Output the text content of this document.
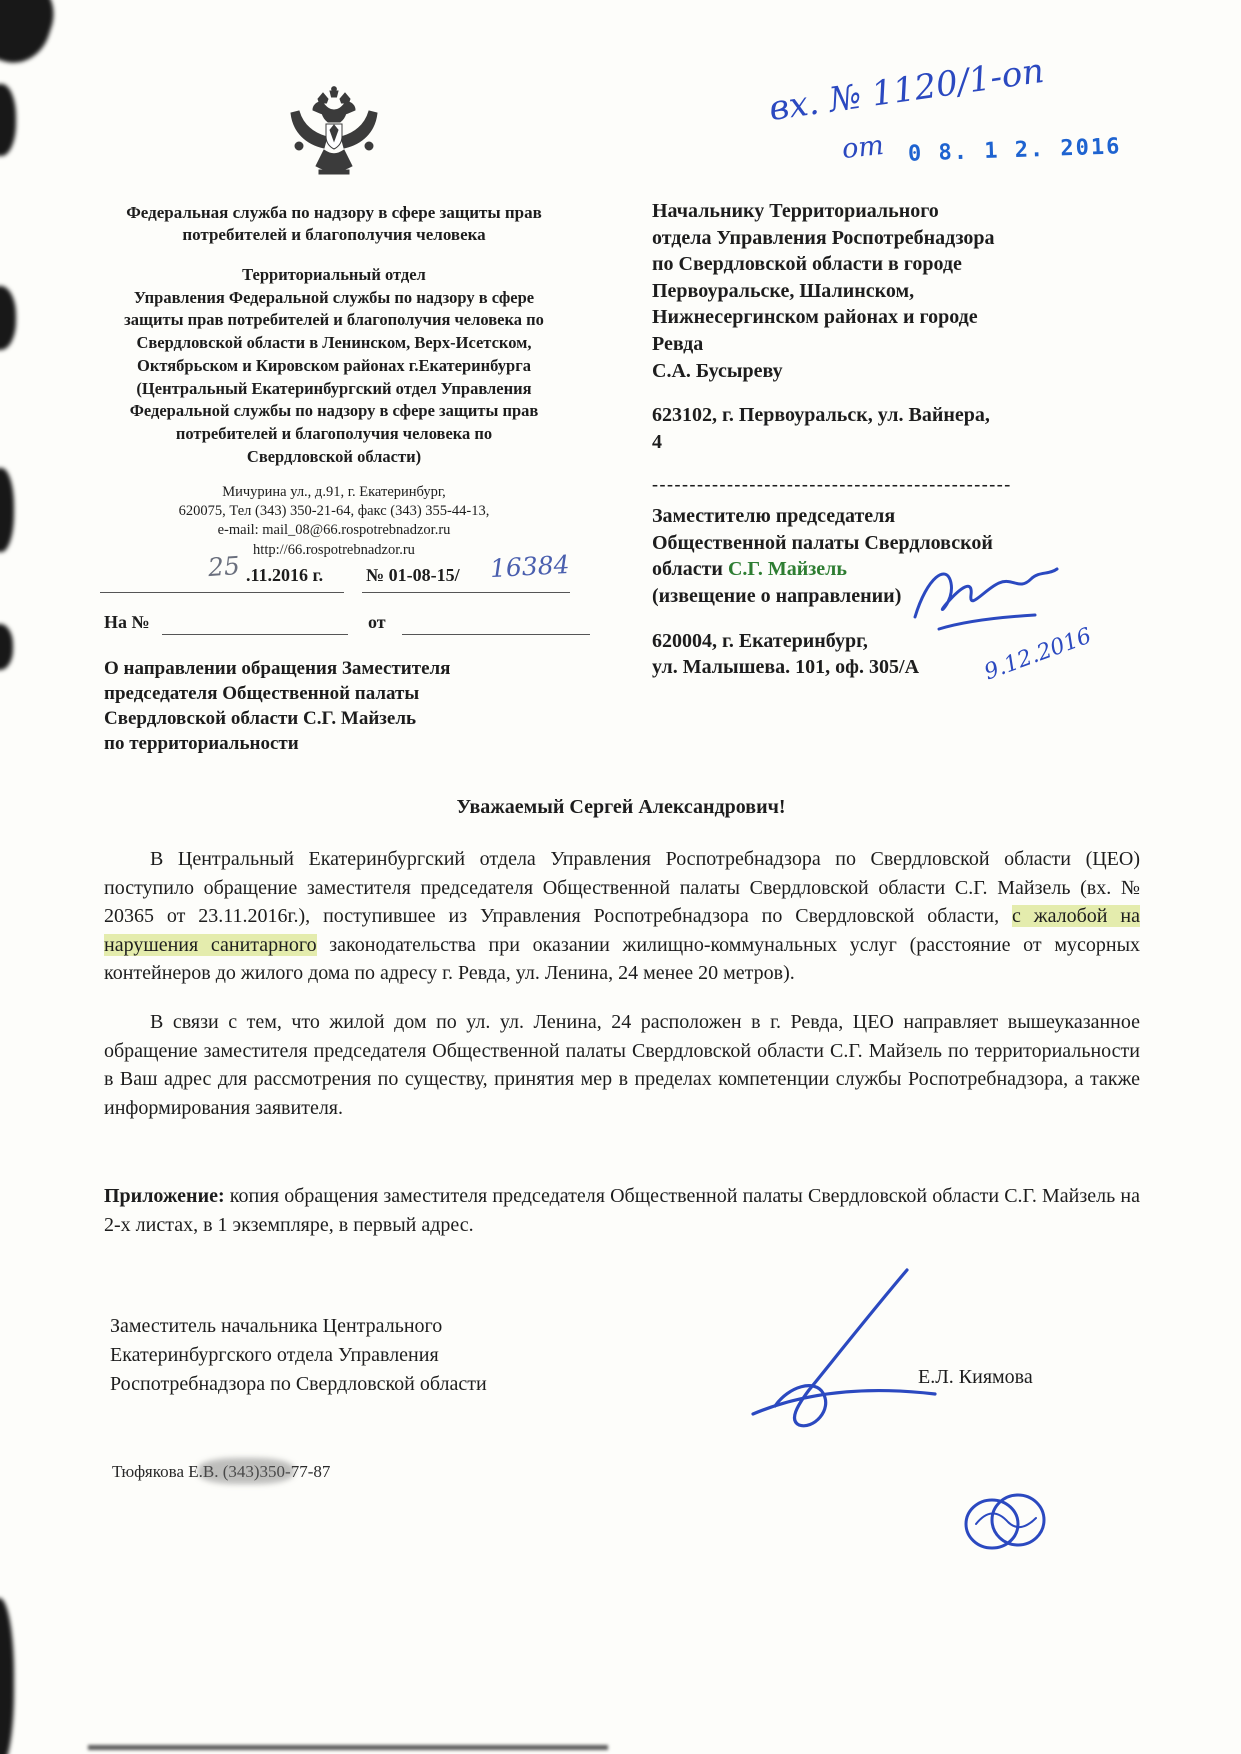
Федеральная служба по надзору в сфере защиты прав
потребителей и благополучия человека
Территориальный отдел
Управления Федеральной службы по надзору в сфере
защиты прав потребителей и благополучия человека по
Свердловской области в Ленинском, Верх-Исетском,
Октябрьском и Кировском районах г.Екатеринбурга
(Центральный Екатеринбургский отдел Управления
Федеральной службы по надзору в сфере защиты прав
потребителей и благополучия человека по
Свердловской области)
Мичурина ул., д.91, г. Екатеринбург,
620075, Тел (343) 350-21-64, факс (343) 355-44-13,
e-mail: mail_08@66.rospotrebnadzor.ru
http://66.rospotrebnadzor.ru
25 .11.2016 г. № 01-08-15/ 16384
На №	от
О направлении обращения Заместителя
председателя Общественной палаты
Свердловской области С.Г. Майзель
по территориальности
вх. № 1120/1-оп
от 0 8. 1 2. 2016
Начальнику Территориального
отдела Управления Роспотребнадзора
по Свердловской области в городе
Первоуральске, Шалинском,
Нижнесергинском районах и городе
Ревда
С.А. Бусыреву
623102, г. Первоуральск, ул. Вайнера,
4
------------------------------------------------
Заместителю председателя
Общественной палаты Свердловской
области С.Г. Майзель
(извещение о направлении)
620004, г. Екатеринбург,
ул. Малышева. 101, оф. 305/А	9.12.2016
Уважаемый Сергей Александрович!
В Центральный Екатеринбургский отдела Управления Роспотребнадзора по Свердловской области (ЦЕО) поступило обращение заместителя председателя Общественной палаты Свердловской области С.Г. Майзель (вх. № 20365 от 23.11.2016г.), поступившее из Управления Роспотребнадзора по Свердловской области, с жалобой на нарушения санитарного законодательства при оказании жилищно-коммунальных услуг (расстояние от мусорных контейнеров до жилого дома по адресу г. Ревда, ул. Ленина, 24 менее 20 метров).
В связи с тем, что жилой дом по ул. ул. Ленина, 24 расположен в г. Ревда, ЦЕО направляет вышеуказанное обращение заместителя председателя Общественной палаты Свердловской области С.Г. Майзель по территориальности в Ваш адрес для рассмотрения по существу, принятия мер в пределах компетенции службы Роспотребнадзора, а также информирования заявителя.
Приложение: копия обращения заместителя председателя Общественной палаты Свердловской области С.Г. Майзель на 2-х листах, в 1 экземпляре, в первый адрес.
Заместитель начальника Центрального
Екатеринбургского отдела Управления
Роспотребнадзора по Свердловской области	Е.Л. Киямова
Тюфякова Е.В. (343)350-77-87
